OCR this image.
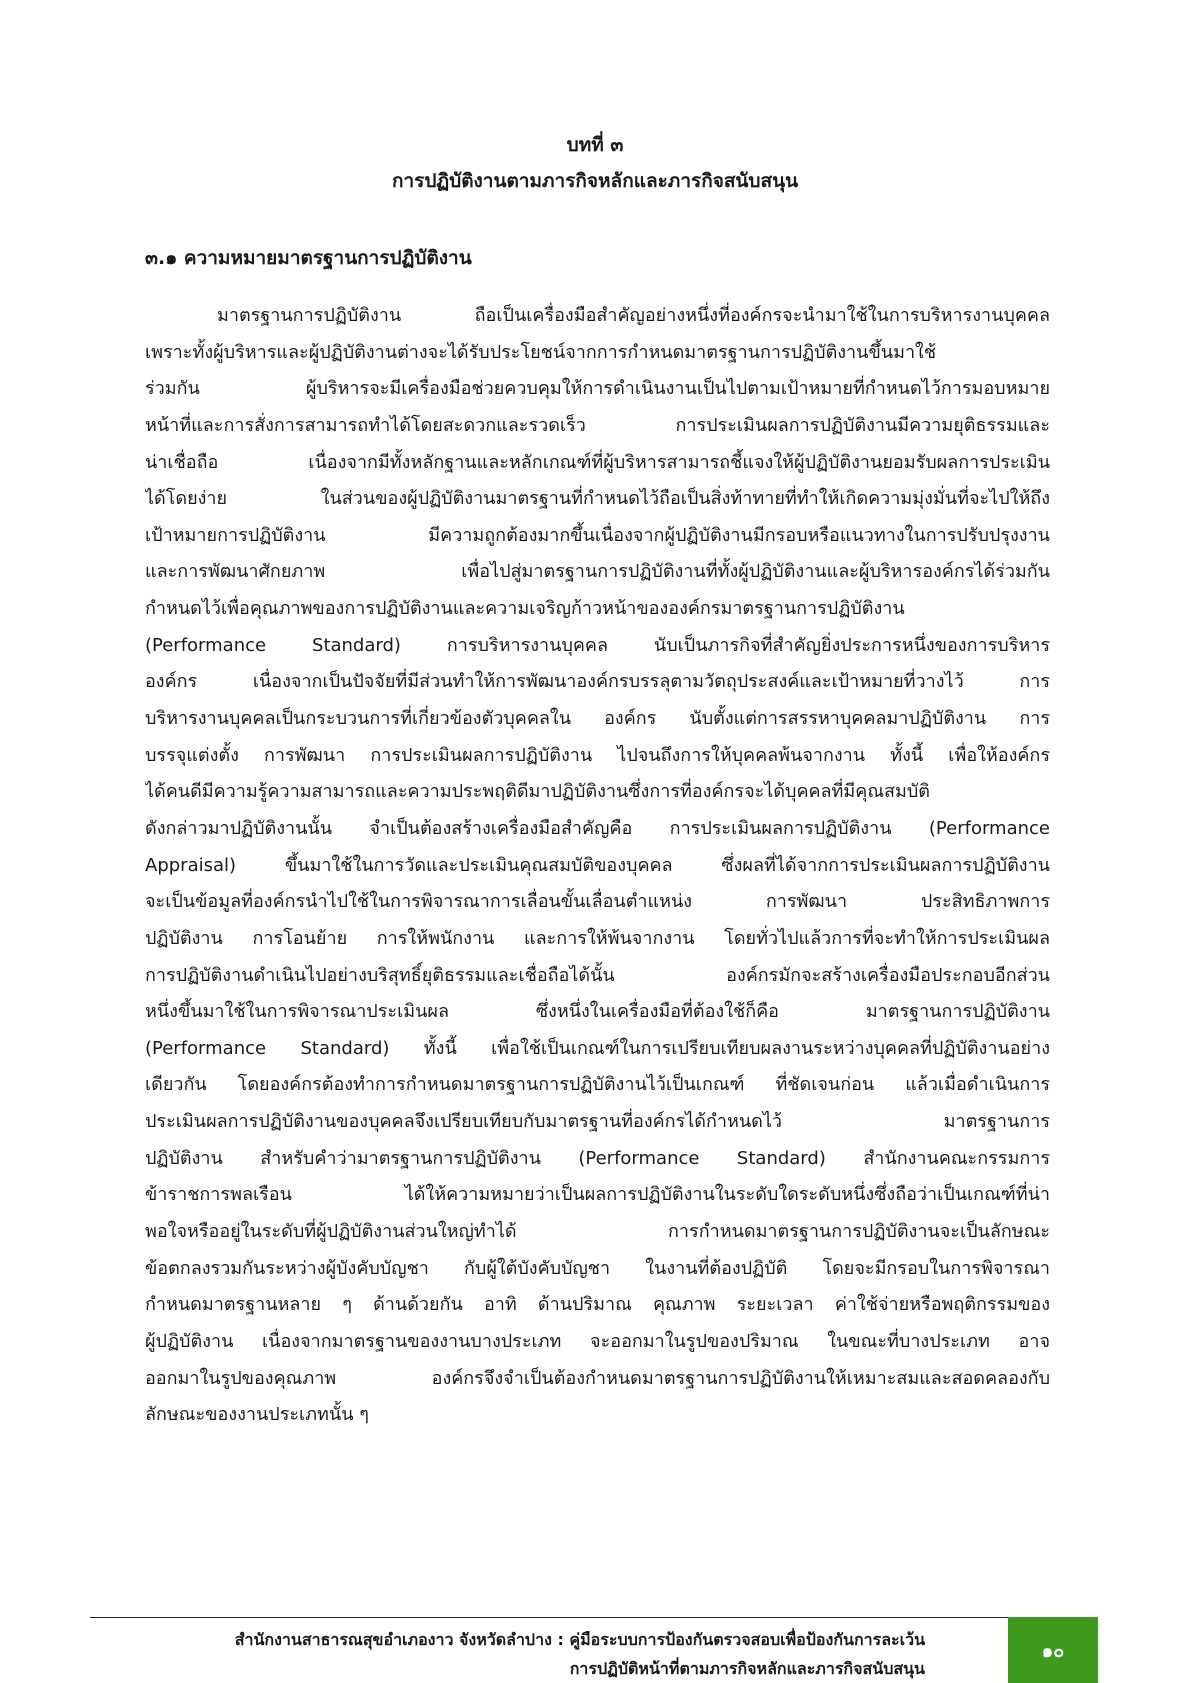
บทที่ ๓
การปฏิบัติงานตามภารกิจหลักและภารกิจสนับสนุน
๓.๑ ความหมายมาตรฐานการปฏิบัติงาน
มาตรฐานการปฏิบัติงาน ถือเป็นเครื่องมือสำคัญอย่างหนึ่งที่องค์กรจะนำมาใช้ในการบริหารงานบุคคล
เพราะทั้งผู้บริหารและผู้ปฏิบัติงานต่างจะได้รับประโยชน์จากการกำหนดมาตรฐานการปฏิบัติงานขึ้นมาใช้
ร่วมกัน ผู้บริหารจะมีเครื่องมือช่วยควบคุมให้การดำเนินงานเป็นไปตามเป้าหมายที่กำหนดไว้การมอบหมาย
หน้าที่และการสั่งการสามารถทำได้โดยสะดวกและรวดเร็ว การประเมินผลการปฏิบัติงานมีความยุติธรรมและ
น่าเชื่อถือ เนื่องจากมีทั้งหลักฐานและหลักเกณฑ์ที่ผู้บริหารสามารถชี้แจงให้ผู้ปฏิบัติงานยอมรับผลการประเมิน
ได้โดยง่าย ในส่วนของผู้ปฏิบัติงานมาตรฐานที่กำหนดไว้ถือเป็นสิ่งท้าทายที่ทำให้เกิดความมุ่งมั่นที่จะไปให้ถึง
เป้าหมายการปฏิบัติงาน มีความถูกต้องมากขึ้นเนื่องจากผู้ปฏิบัติงานมีกรอบหรือแนวทางในการปรับปรุงงาน
และการพัฒนาศักยภาพ เพื่อไปสู่มาตรฐานการปฏิบัติงานที่ทั้งผู้ปฏิบัติงานและผู้บริหารองค์กรได้ร่วมกัน
กำหนดไว้เพื่อคุณภาพของการปฏิบัติงานและความเจริญก้าวหน้าขององค์กรมาตรฐานการปฏิบัติงาน
(Performance Standard) การบริหารงานบุคคล นับเป็นภารกิจที่สำคัญยิ่งประการหนึ่งของการบริหาร
องค์กร เนื่องจากเป็นปัจจัยที่มีส่วนทำให้การพัฒนาองค์กรบรรลุตามวัตถุประสงค์และเป้าหมายที่วางไว้ การ
บริหารงานบุคคลเป็นกระบวนการที่เกี่ยวข้องตัวบุคคลใน องค์กร นับตั้งแต่การสรรหาบุคคลมาปฏิบัติงาน การ
บรรจุแต่งตั้ง การพัฒนา การประเมินผลการปฏิบัติงาน ไปจนถึงการให้บุคคลพ้นจากงาน ทั้งนี้ เพื่อให้องค์กร
ได้คนดีมีความรู้ความสามารถและความประพฤติดีมาปฏิบัติงานซึ่งการที่องค์กรจะได้บุคคลที่มีคุณสมบัติ
ดังกล่าวมาปฏิบัติงานนั้น จำเป็นต้องสร้างเครื่องมือสำคัญคือ การประเมินผลการปฏิบัติงาน (Performance
Appraisal) ขึ้นมาใช้ในการวัดและประเมินคุณสมบัติของบุคคล ซึ่งผลที่ได้จากการประเมินผลการปฏิบัติงาน
จะเป็นข้อมูลที่องค์กรนำไปใช้ในการพิจารณาการเลื่อนขั้นเลื่อนตำแหน่ง การพัฒนา ประสิทธิภาพการ
ปฏิบัติงาน การโอนย้าย การให้พนักงาน และการให้พ้นจากงาน โดยทั่วไปแล้วการที่จะทำให้การประเมินผล
การปฏิบัติงานดำเนินไปอย่างบริสุทธิ์ยุติธรรมและเชื่อถือได้นั้น องค์กรมักจะสร้างเครื่องมือประกอบอีกส่วน
หนึ่งขึ้นมาใช้ในการพิจารณาประเมินผล ซึ่งหนึ่งในเครื่องมือที่ต้องใช้ก็คือ มาตรฐานการปฏิบัติงาน
(Performance Standard) ทั้งนี้ เพื่อใช้เป็นเกณฑ์ในการเปรียบเทียบผลงานระหว่างบุคคลที่ปฏิบัติงานอย่าง
เดียวกัน โดยองค์กรต้องทำการกำหนดมาตรฐานการปฏิบัติงานไว้เป็นเกณฑ์ ที่ชัดเจนก่อน แล้วเมื่อดำเนินการ
ประเมินผลการปฏิบัติงานของบุคคลจึงเปรียบเทียบกับมาตรฐานที่องค์กรได้กำหนดไว้ มาตรฐานการ
ปฏิบัติงาน สำหรับคำว่ามาตรฐานการปฏิบัติงาน (Performance Standard) สำนักงานคณะกรรมการ
ข้าราชการพลเรือน ได้ให้ความหมายว่าเป็นผลการปฏิบัติงานในระดับใดระดับหนึ่งซึ่งถือว่าเป็นเกณฑ์ที่น่า
พอใจหรืออยู่ในระดับที่ผู้ปฏิบัติงานส่วนใหญ่ทำได้ การกำหนดมาตรฐานการปฏิบัติงานจะเป็นลักษณะ
ข้อตกลงรวมกันระหว่างผู้บังคับบัญชา กับผู้ใต้บังคับบัญชา ในงานที่ต้องปฏิบัติ โดยจะมีกรอบในการพิจารณา
กำหนดมาตรฐานหลาย ๆ ด้านด้วยกัน อาทิ ด้านปริมาณ คุณภาพ ระยะเวลา ค่าใช้จ่ายหรือพฤติกรรมของ
ผู้ปฏิบัติงาน เนื่องจากมาตรฐานของงานบางประเภท จะออกมาในรูปของปริมาณ ในขณะที่บางประเภท อาจ
ออกมาในรูปของคุณภาพ องค์กรจึงจำเป็นต้องกำหนดมาตรฐานการปฏิบัติงานให้เหมาะสมและสอดคลองกับ
ลักษณะของงานประเภทนั้น ๆ
สำนักงานสาธารณสุขอำเภองาว จังหวัดลำปาง : คู่มือระบบการป้องกันตรวจสอบเพื่อป้องกันการละเว้น
การปฏิบัติหน้าที่ตามภารกิจหลักและภารกิจสนับสนุน
๑๐
